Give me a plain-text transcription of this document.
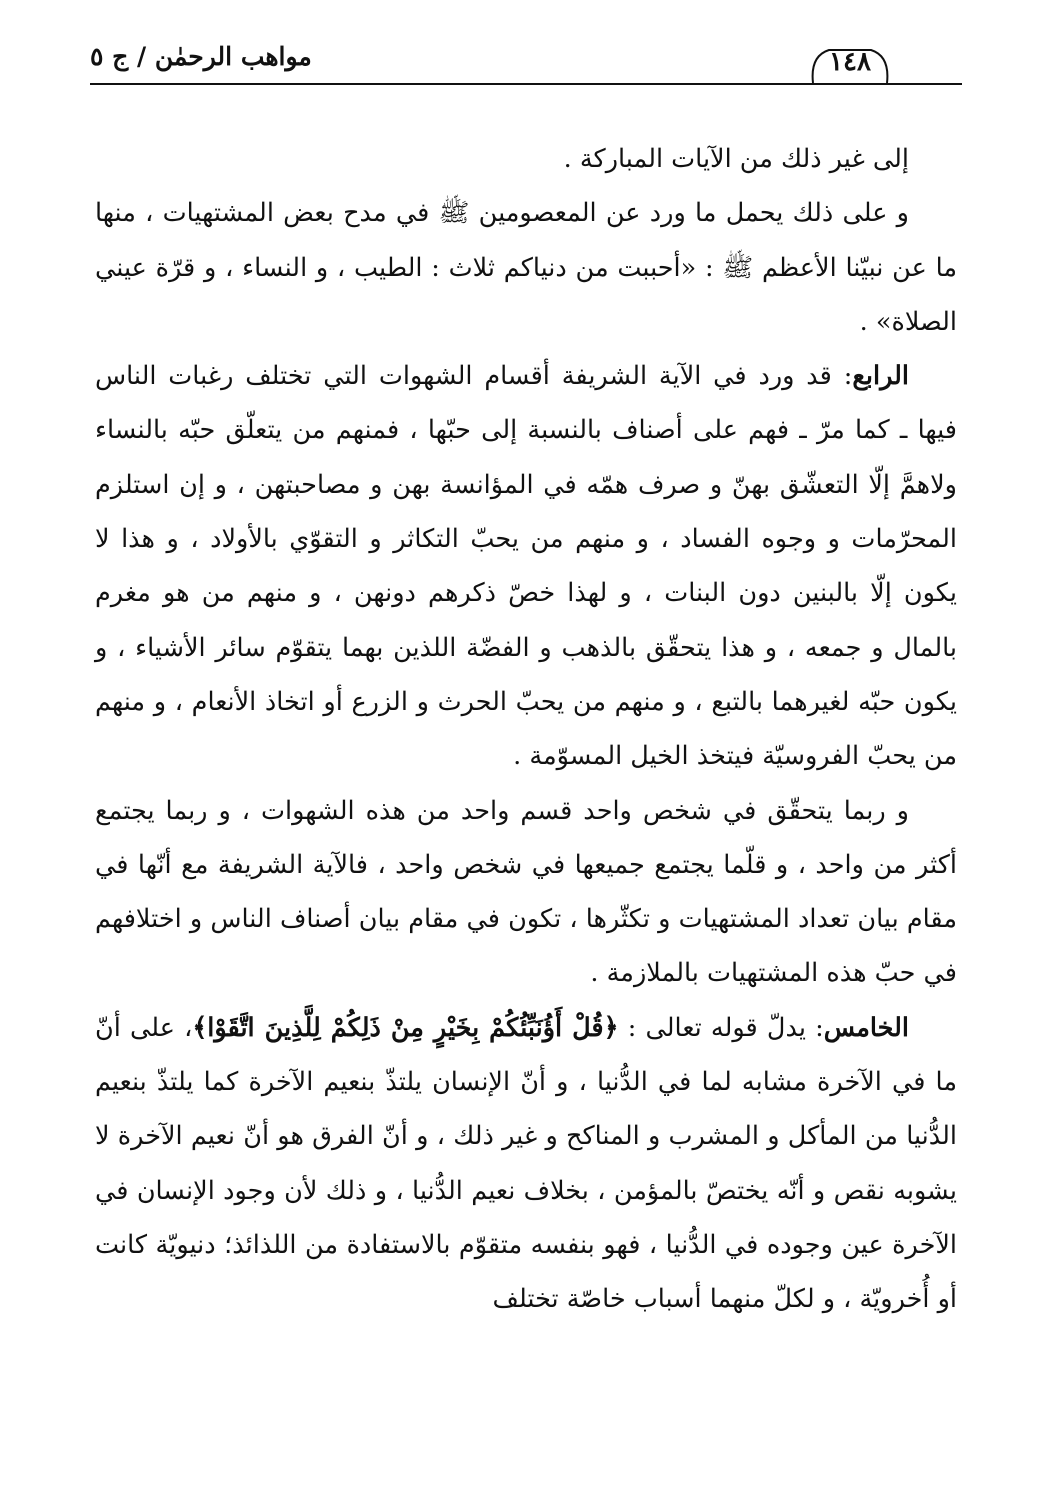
مواهب الرحمٰن / ج ٥	١٤٨

إلى غير ذلك من الآيات المباركة .

و على ذلك يحمل ما ورد عن المعصومين ﷺ في مدح بعض المشتهيات ، منها ما عن نبيّنا الأعظم ﷺ : «أحببت من دنياكم ثلاث : الطيب ، و النساء ، و قرّة عيني الصلاة» .

الرابع: قد ورد في الآية الشريفة أقسام الشهوات التي تختلف رغبات الناس فيها ـ كما مرّ ـ فهم على أصناف بالنسبة إلى حبّها ، فمنهم من يتعلّق حبّه بالنساء ولاهمَّ إلّا التعشّق بهنّ و صرف همّه في المؤانسة بهن و مصاحبتهن ، و إن استلزم المحرّمات و وجوه الفساد ، و منهم من يحبّ التكاثر و التقوّي بالأولاد ، و هذا لا يكون إلّا بالبنين دون البنات ، و لهذا خصّ ذكرهم دونهن ، و منهم من هو مغرم بالمال و جمعه ، و هذا يتحقّق بالذهب و الفضّة اللذين بهما يتقوّم سائر الأشياء ، و يكون حبّه لغيرهما بالتبع ، و منهم من يحبّ الحرث و الزرع أو اتخاذ الأنعام ، و منهم من يحبّ الفروسيّة فيتخذ الخيل المسوّمة .

و ربما يتحقّق في شخص واحد قسم واحد من هذه الشهوات ، و ربما يجتمع أكثر من واحد ، و قلّما يجتمع جميعها في شخص واحد ، فالآية الشريفة مع أنّها في مقام بيان تعداد المشتهيات و تكثّرها ، تكون في مقام بيان أصناف الناس و اختلافهم في حبّ هذه المشتهيات بالملازمة .

الخامس: يدلّ قوله تعالى : ﴿قُلْ أَؤُنَبِّئُكُمْ بِخَيْرٍ مِنْ ذَلِكُمْ لِلَّذِينَ اتَّقَوْا﴾، على أنّ ما في الآخرة مشابه لما في الدُّنيا ، و أنّ الإنسان يلتذّ بنعيم الآخرة كما يلتذّ بنعيم الدُّنيا من المأكل و المشرب و المناكح و غير ذلك ، و أنّ الفرق هو أنّ نعيم الآخرة لا يشوبه نقص و أنّه يختصّ بالمؤمن ، بخلاف نعيم الدُّنيا ، و ذلك لأن وجود الإنسان في الآخرة عين وجوده في الدُّنيا ، فهو بنفسه متقوّم بالاستفادة من اللذائذ؛ دنيويّة كانت أو أُخرويّة ، و لكلّ منهما أسباب خاصّة تختلف
